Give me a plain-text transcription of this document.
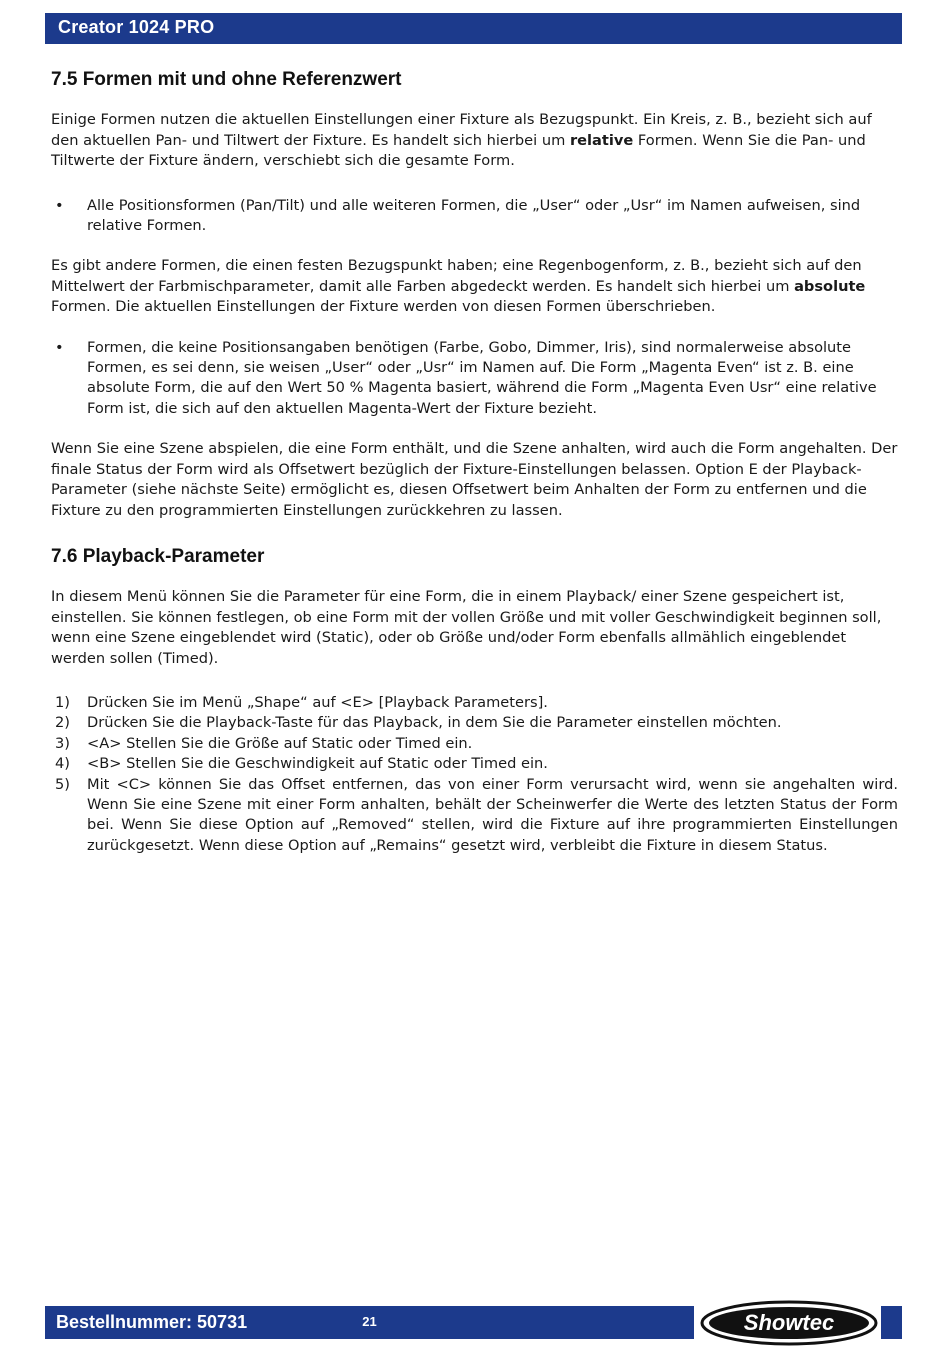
Creator 1024 PRO
7.5 Formen mit und ohne Referenzwert

Einige Formen nutzen die aktuellen Einstellungen einer Fixture als Bezugspunkt. Ein Kreis, z. B., bezieht sich auf den aktuellen Pan- und Tiltwert der Fixture. Es handelt sich hierbei um relative Formen. Wenn Sie die Pan- und Tiltwerte der Fixture ändern, verschiebt sich die gesamte Form.

• Alle Positionsformen (Pan/Tilt) und alle weiteren Formen, die „User“ oder „Usr“ im Namen aufweisen, sind relative Formen.

Es gibt andere Formen, die einen festen Bezugspunkt haben; eine Regenbogenform, z. B., bezieht sich auf den Mittelwert der Farbmischparameter, damit alle Farben abgedeckt werden. Es handelt sich hierbei um absolute Formen. Die aktuellen Einstellungen der Fixture werden von diesen Formen überschrieben.

• Formen, die keine Positionsangaben benötigen (Farbe, Gobo, Dimmer, Iris), sind normalerweise absolute Formen, es sei denn, sie weisen „User“ oder „Usr“ im Namen auf. Die Form „Magenta Even“ ist z. B. eine absolute Form, die auf den Wert 50 % Magenta basiert, während die Form „Magenta Even Usr“ eine relative Form ist, die sich auf den aktuellen Magenta-Wert der Fixture bezieht.

Wenn Sie eine Szene abspielen, die eine Form enthält, und die Szene anhalten, wird auch die Form angehalten. Der finale Status der Form wird als Offsetwert bezüglich der Fixture-Einstellungen belassen. Option E der Playback-Parameter (siehe nächste Seite) ermöglicht es, diesen Offsetwert beim Anhalten der Form zu entfernen und die Fixture zu den programmierten Einstellungen zurückkehren zu lassen.

7.6 Playback-Parameter

In diesem Menü können Sie die Parameter für eine Form, die in einem Playback/ einer Szene gespeichert ist, einstellen. Sie können festlegen, ob eine Form mit der vollen Größe und mit voller Geschwindigkeit beginnen soll, wenn eine Szene eingeblendet wird (Static), oder ob Größe und/oder Form ebenfalls allmählich eingeblendet werden sollen (Timed).

1) Drücken Sie im Menü „Shape“ auf <E> [Playback Parameters].
2) Drücken Sie die Playback-Taste für das Playback, in dem Sie die Parameter einstellen möchten.
3) <A> Stellen Sie die Größe auf Static oder Timed ein.
4) <B> Stellen Sie die Geschwindigkeit auf Static oder Timed ein.
5) Mit <C> können Sie das Offset entfernen, das von einer Form verursacht wird, wenn sie angehalten wird. Wenn Sie eine Szene mit einer Form anhalten, behält der Scheinwerfer die Werte des letzten Status der Form bei. Wenn Sie diese Option auf „Removed“ stellen, wird die Fixture auf ihre programmierten Einstellungen zurückgesetzt. Wenn diese Option auf „Remains“ gesetzt wird, verbleibt die Fixture in diesem Status.
Bestellnummer: 50731	21	Showtec
